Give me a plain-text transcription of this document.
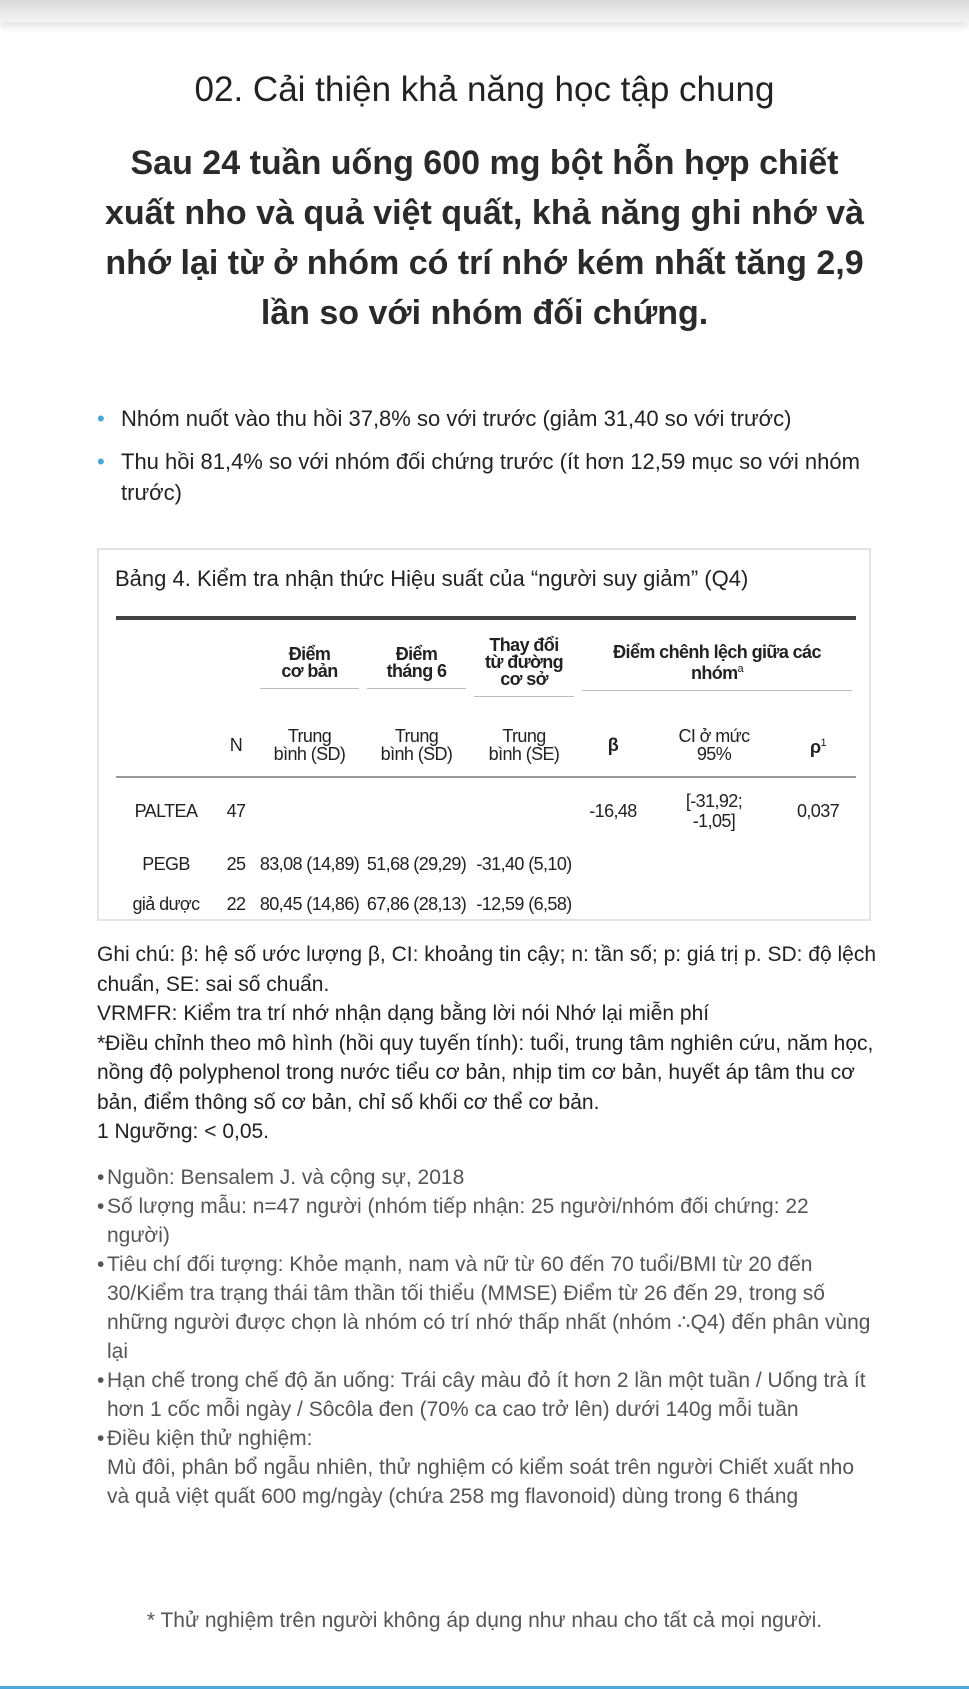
02. Cải thiện khả năng học tập chung
Sau 24 tuần uống 600 mg bột hỗn hợp chiết xuất nho và quả việt quất, khả năng ghi nhớ và nhớ lại từ ở nhóm có trí nhớ kém nhất tăng 2,9 lần so với nhóm đối chứng.
• Nhóm nuốt vào thu hồi 37,8% so với trước (giảm 31,40 so với trước)
• Thu hồi 81,4% so với nhóm đối chứng trước (ít hơn 12,59 mục so với nhóm trước)
Bảng 4. Kiểm tra nhận thức Hiệu suất của “người suy giảm” (Q4)

		Điểm cơ bản	Điểm tháng 6	Thay đổi từ đường cơ sở	Điểm chênh lệch giữa các nhóm$^a$

	N	Trung bình (SD)	Trung bình (SD)	Trung bình (SE)	β	CI ở mức 95%	$\rho^1$
PALTEA	47				-16,48	[-31,92; -1,05]	0,037
PEGB	25	83,08 (14,89)	51,68 (29,29)	-31,40 (5,10)			
giả dược	22	80,45 (14,86)	67,86 (28,13)	-12,59 (6,58)			
Ghi chú: β: hệ số ước lượng β, CI: khoảng tin cậy; n: tần số; p: giá trị p. SD: độ lệch chuẩn, SE: sai số chuẩn.
VRMFR: Kiểm tra trí nhớ nhận dạng bằng lời nói Nhớ lại miễn phí
*Điều chỉnh theo mô hình (hồi quy tuyến tính): tuổi, trung tâm nghiên cứu, năm học, nồng độ polyphenol trong nước tiểu cơ bản, nhịp tim cơ bản, huyết áp tâm thu cơ bản, điểm thông số cơ bản, chỉ số khối cơ thể cơ bản.
1 Ngưỡng: < 0,05.
• Nguồn: Bensalem J. và cộng sự, 2018
• Số lượng mẫu: n=47 người (nhóm tiếp nhận: 25 người/nhóm đối chứng: 22 người)
• Tiêu chí đối tượng: Khỏe mạnh, nam và nữ từ 60 đến 70 tuổi/BMI từ 20 đến 30/Kiểm tra trạng thái tâm thần tối thiểu (MMSE) Điểm từ 26 đến 29, trong số những người được chọn là nhóm có trí nhớ thấp nhất (nhóm ∴Q4) đến phân vùng lại
• Hạn chế trong chế độ ăn uống: Trái cây màu đỏ ít hơn 2 lần một tuần / Uống trà ít hơn 1 cốc mỗi ngày / Sôcôla đen (70% ca cao trở lên) dưới 140g mỗi tuần
• Điều kiện thử nghiệm:
Mù đôi, phân bổ ngẫu nhiên, thử nghiệm có kiểm soát trên người Chiết xuất nho và quả việt quất 600 mg/ngày (chứa 258 mg flavonoid) dùng trong 6 tháng
* Thử nghiệm trên người không áp dụng như nhau cho tất cả mọi người.
